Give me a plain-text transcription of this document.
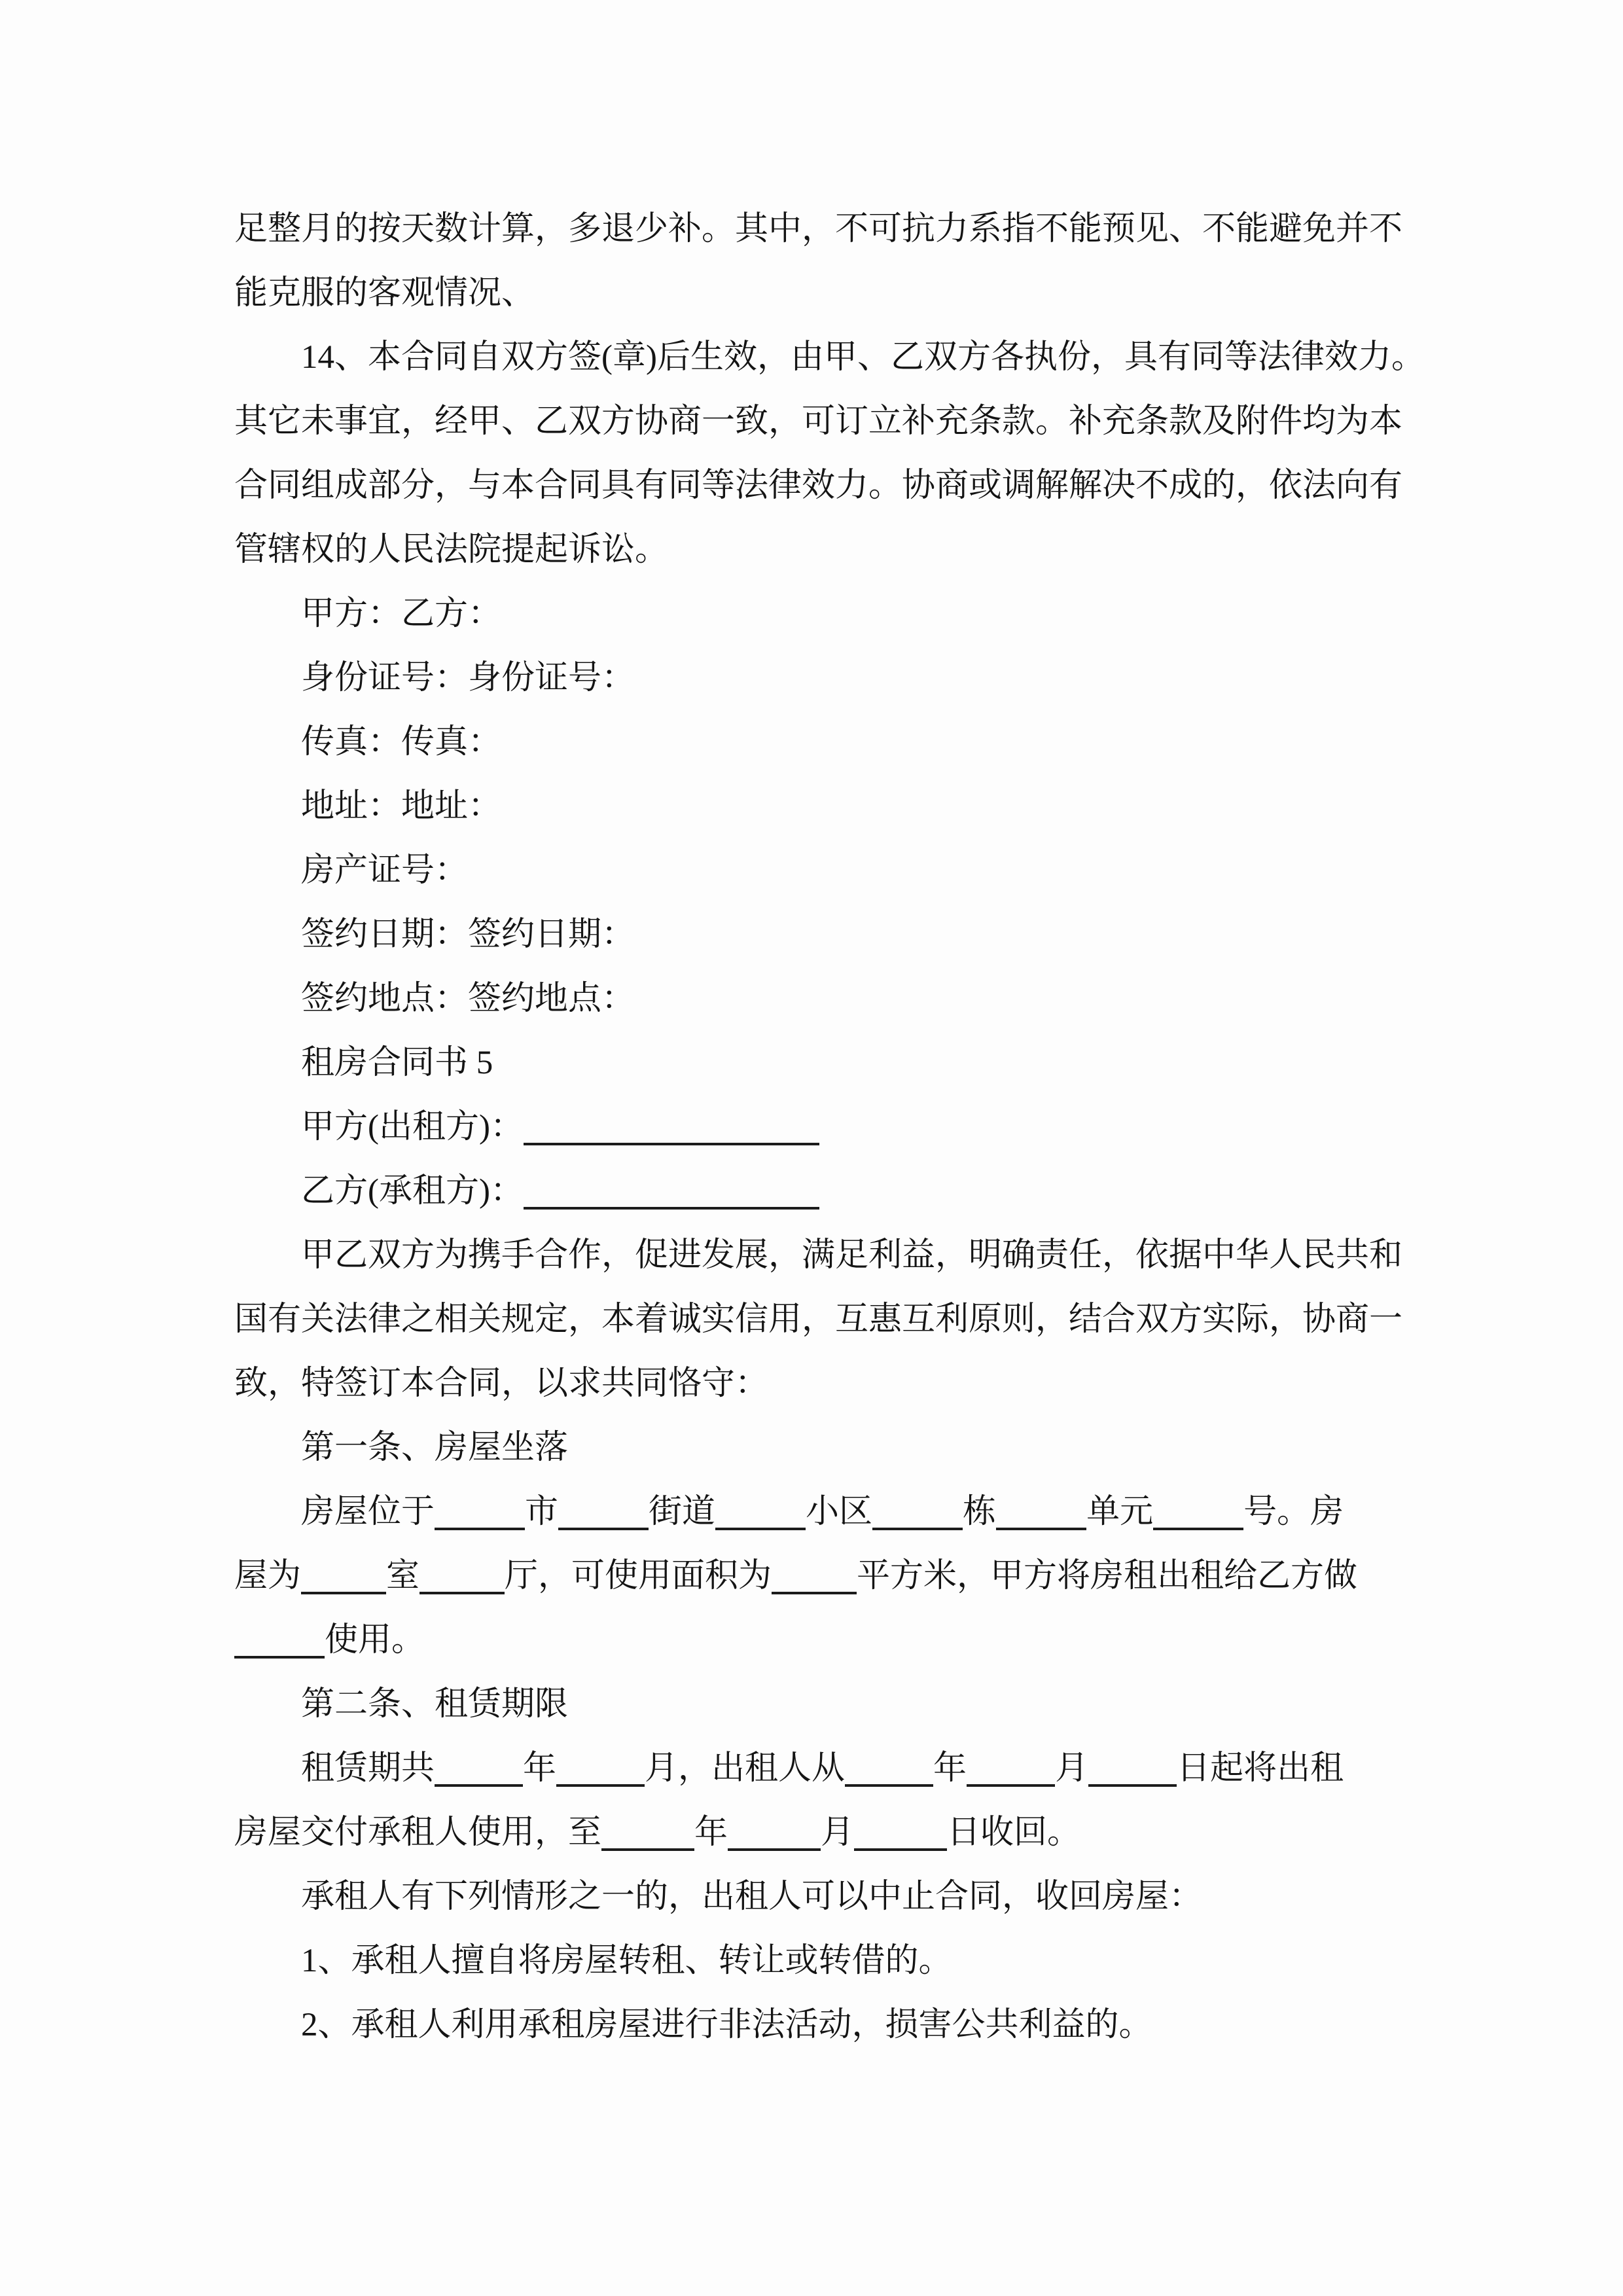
足整月的按天数计算，多退少补。其中，不可抗力系指不能预见、不能避免并不
能克服的客观情况、
14、本合同自双方签(章)后生效，由甲、乙双方各执份，具有同等法律效力。
其它未事宜，经甲、乙双方协商一致，可订立补充条款。补充条款及附件均为本
合同组成部分，与本合同具有同等法律效力。协商或调解解决不成的，依法向有
管辖权的人民法院提起诉讼。
甲方：乙方：
身份证号：身份证号：
传真：传真：
地址：地址：
房产证号：
签约日期：签约日期：
签约地点：签约地点：
租房合同书 5
甲方(出租方)：
乙方(承租方)：
甲乙双方为携手合作，促进发展，满足利益，明确责任，依据中华人民共和
国有关法律之相关规定，本着诚实信用，互惠互利原则，结合双方实际，协商一
致，特签订本合同，以求共同恪守：
第一条、房屋坐落
房屋位于	市	街道	小区	栋	单元	号。房
屋为	室	厅，可使用面积为	平方米，甲方将房租出租给乙方做
使用。
第二条、租赁期限
租赁期共	年	月，出租人从	年	月	日起将出租
房屋交付承租人使用，至	年	月	日收回。
承租人有下列情形之一的，出租人可以中止合同，收回房屋：
1、承租人擅自将房屋转租、转让或转借的。
2、承租人利用承租房屋进行非法活动，损害公共利益的。
